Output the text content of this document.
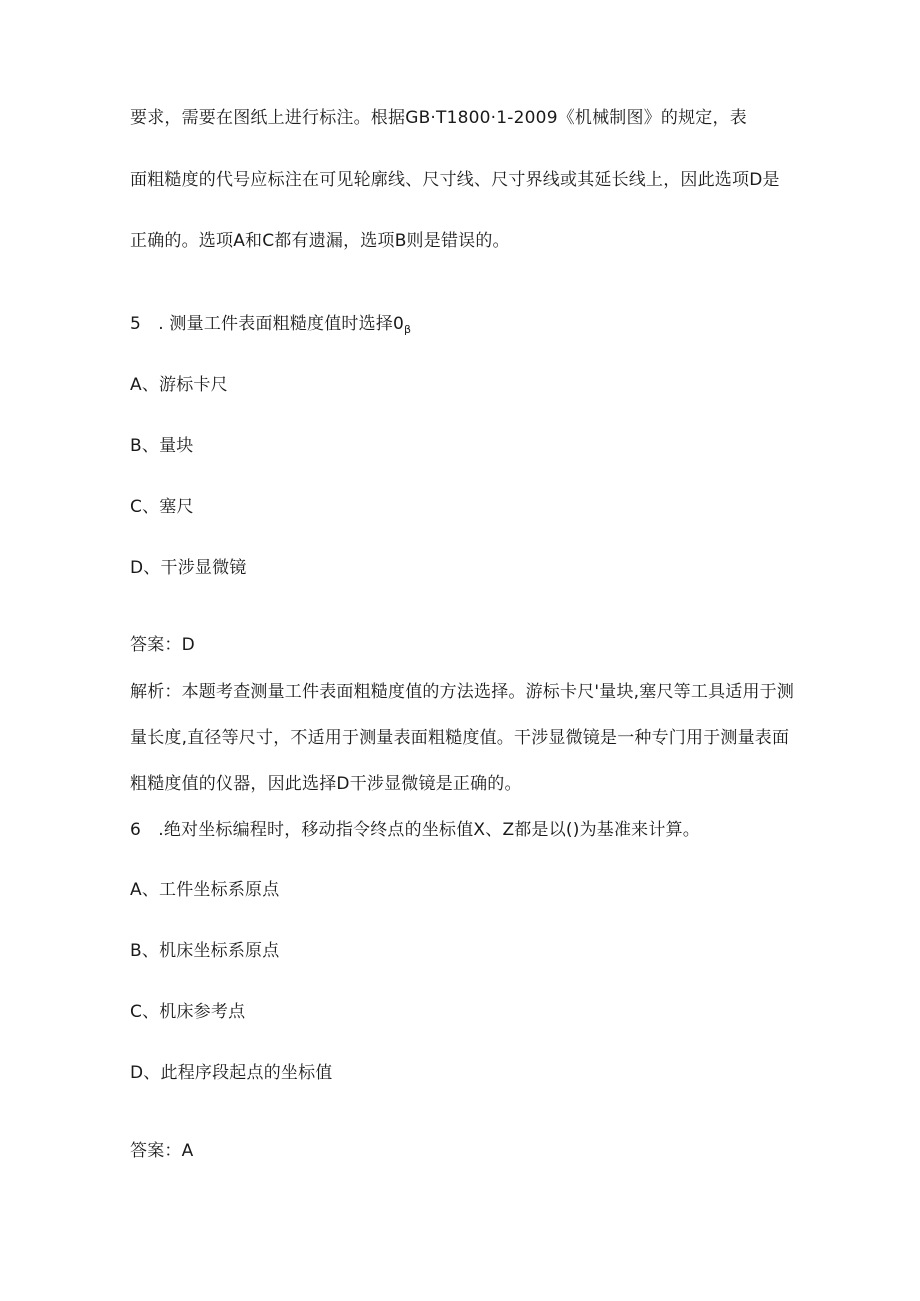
要求，需要在图纸上进行标注。根据GB·T1800·1-2009《机械制图》的规定，表
面粗糙度的代号应标注在可见轮廓线、尺寸线、尺寸界线或其延长线上，因此选项D是
正确的。选项A和C都有遗漏，选项B则是错误的。
5　. 测量工件表面粗糙度值时选择$0_\beta$
A、游标卡尺
B、量块
C、塞尺
D、干涉显微镜
答案：D
解析：本题考查测量工件表面粗糙度值的方法选择。游标卡尺'量块,塞尺等工具适用于测
量长度,直径等尺寸，不适用于测量表面粗糙度值。干涉显微镜是一种专门用于测量表面
粗糙度值的仪器，因此选择D干涉显微镜是正确的。
6　.绝对坐标编程时，移动指令终点的坐标值X、Z都是以()为基准来计算。
A、工件坐标系原点
B、机床坐标系原点
C、机床参考点
D、此程序段起点的坐标值
答案：A
